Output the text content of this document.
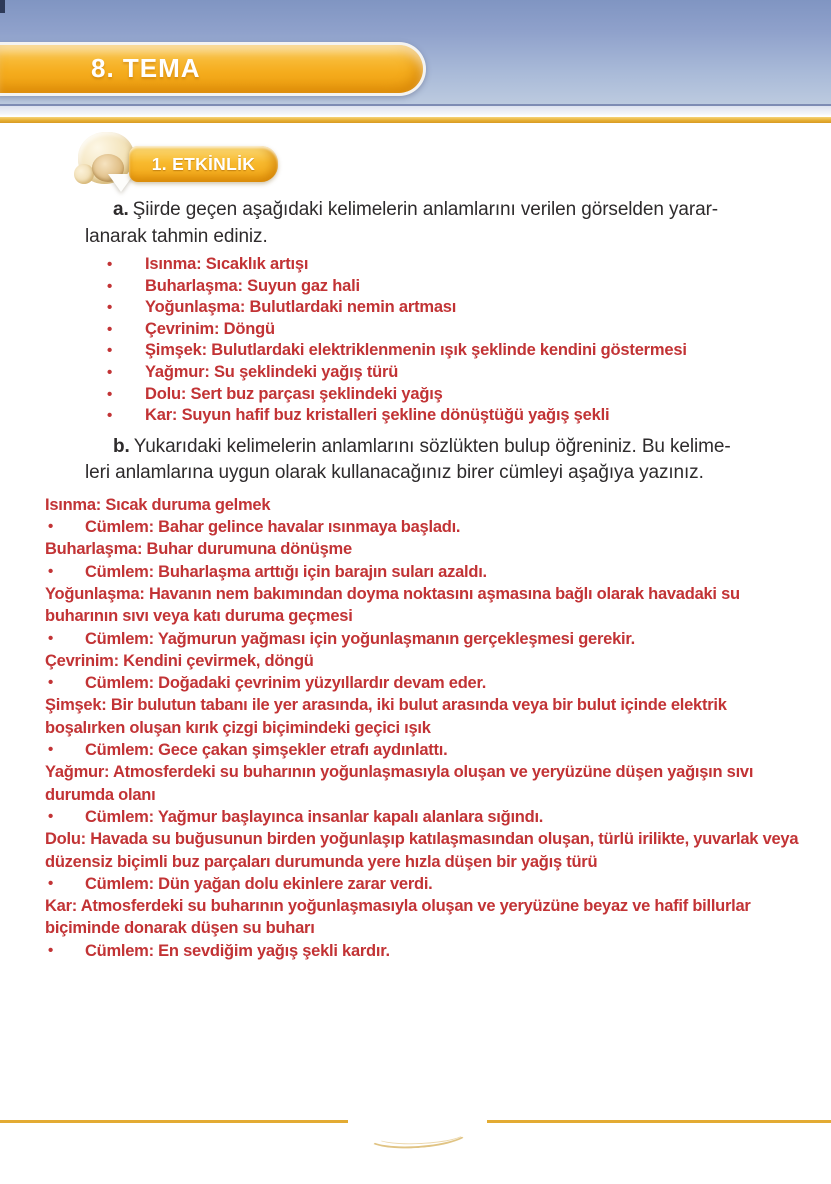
8. TEMA
1. ETKİNLİK
a. Şiirde geçen aşağıdaki kelimelerin anlamlarını verilen görselden yarar-
lanarak tahmin ediniz.
• Isınma: Sıcaklık artışı
• Buharlaşma: Suyun gaz hali
• Yoğunlaşma: Bulutlardaki nemin artması
• Çevrinim: Döngü
• Şimşek: Bulutlardaki elektriklenmenin ışık şeklinde kendini göstermesi
• Yağmur: Su şeklindeki yağış türü
• Dolu: Sert buz parçası şeklindeki yağış
• Kar: Suyun hafif buz kristalleri şekline dönüştüğü yağış şekli
b. Yukarıdaki kelimelerin anlamlarını sözlükten bulup öğreniniz. Bu kelime-
leri anlamlarına uygun olarak kullanacağınız birer cümleyi aşağıya yazınız.
Isınma: Sıcak duruma gelmek
• Cümlem: Bahar gelince havalar ısınmaya başladı.
Buharlaşma: Buhar durumuna dönüşme
• Cümlem: Buharlaşma arttığı için barajın suları azaldı.
Yoğunlaşma: Havanın nem bakımından doyma noktasını aşmasına bağlı olarak havadaki su buharının sıvı veya katı duruma geçmesi
• Cümlem: Yağmurun yağması için yoğunlaşmanın gerçekleşmesi gerekir.
Çevrinim: Kendini çevirmek, döngü
• Cümlem: Doğadaki çevrinim yüzyıllardır devam eder.
Şimşek: Bir bulutun tabanı ile yer arasında, iki bulut arasında veya bir bulut içinde elektrik boşalırken oluşan kırık çizgi biçimindeki geçici ışık
• Cümlem: Gece çakan şimşekler etrafı aydınlattı.
Yağmur: Atmosferdeki su buharının yoğunlaşmasıyla oluşan ve yeryüzüne düşen yağışın sıvı durumda olanı
• Cümlem: Yağmur başlayınca insanlar kapalı alanlara sığındı.
Dolu: Havada su buğusunun birden yoğunlaşıp katılaşmasından oluşan, türlü irilikte, yuvarlak veya düzensiz biçimli buz parçaları durumunda yere hızla düşen bir yağış türü
• Cümlem: Dün yağan dolu ekinlere zarar verdi.
Kar: Atmosferdeki su buharının yoğunlaşmasıyla oluşan ve yeryüzüne beyaz ve hafif billurlar biçiminde donarak düşen su buharı
• Cümlem: En sevdiğim yağış şekli kardır.
